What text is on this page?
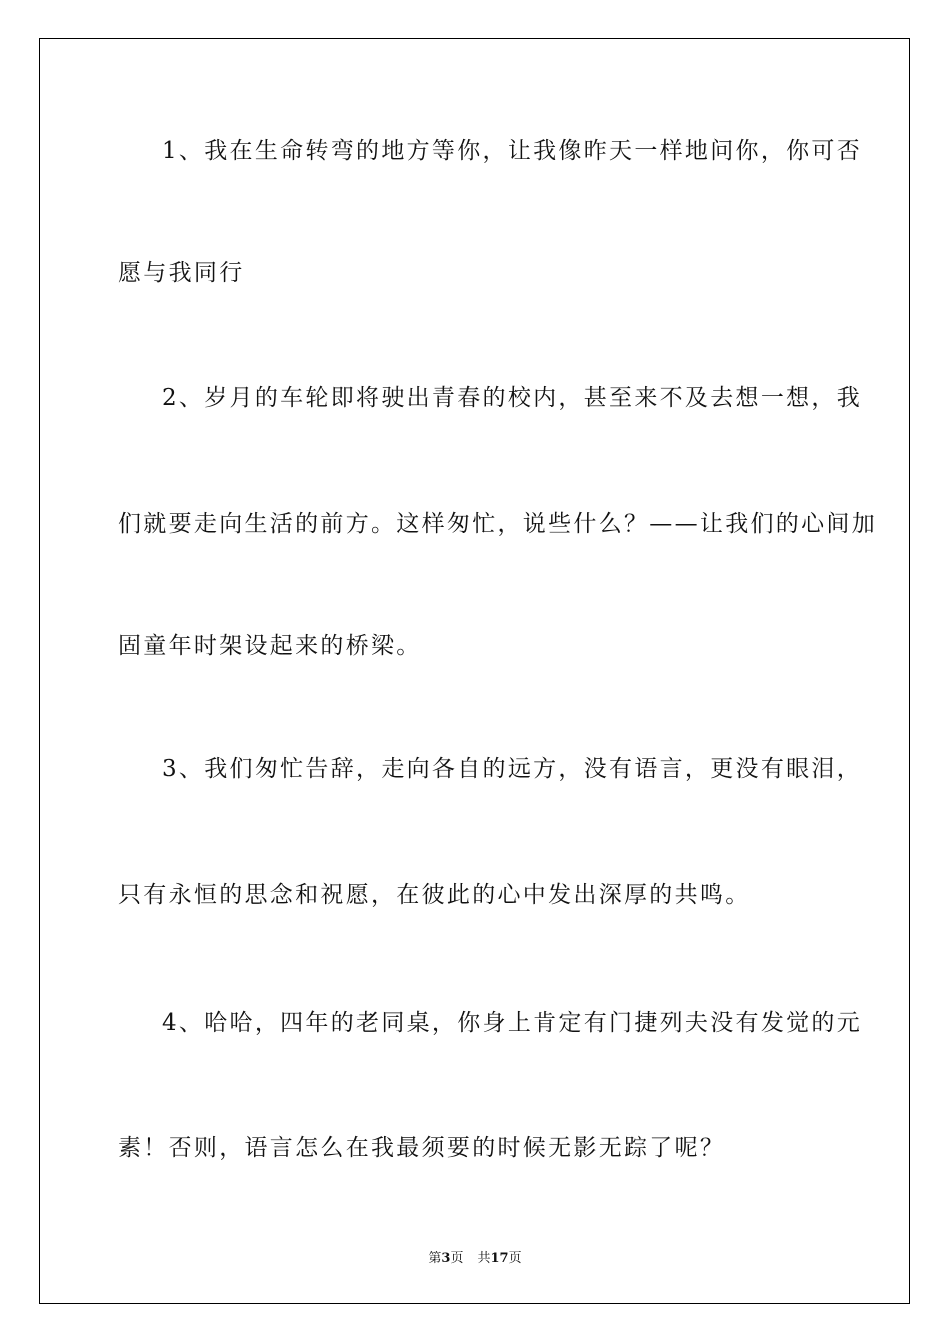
1、我在生命转弯的地方等你，让我像昨天一样地问你，你可否
愿与我同行
2、岁月的车轮即将驶出青春的校内，甚至来不及去想一想，我
们就要走向生活的前方。这样匆忙，说些什么？——让我们的心间加
固童年时架设起来的桥梁。
3、我们匆忙告辞，走向各自的远方，没有语言，更没有眼泪，
只有永恒的思念和祝愿，在彼此的心中发出深厚的共鸣。
4、哈哈，四年的老同桌，你身上肯定有门捷列夫没有发觉的元
素！否则，语言怎么在我最须要的时候无影无踪了呢？
第3页 共17页
